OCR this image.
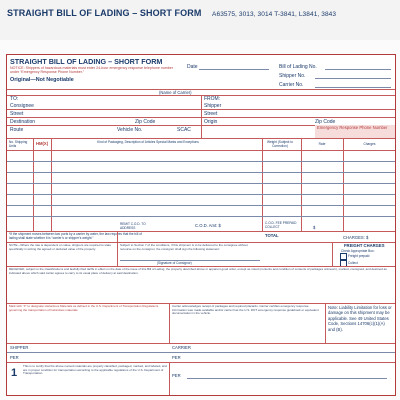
STRAIGHT BILL OF LADING – SHORT FORM A63575, 3013, 3014 T-3841, L3841, 3843
STRAIGHT BILL OF LADING – SHORT FORM
NOTICE: Shippers of hazardous materials must enter 24-hour emergency response telephone number under “Emergency Response Phone Number.”
Original—Not Negotiable
Date	Bill of Lading No.
Shipper No.
Carrier No.
(Name of Carrier)
TO:	FROM:
Consignee	Shipper
Street	Street
Destination	Zip Code	Origin	Zip Code
Route	Vehicle No.	SCAC	Emergency Response Phone Number
No. Shipping Units	HM(X)	Kind of Packaging, Description of Articles Special Marks and Exceptions	Weight (Subject to Correction)	Rate	Charges
*If the shipment moves between two ports by a carrier by water, the law requires that the bill of lading shall state whether it is “carrier’s or shipper’s weight.”	TOTAL	CHARGES: $
REMIT C.O.D. TO ADDRESS	C.O.D. Amt: $	C.O.D. FEE PREPAID COLLECT	$
NOTE—Where the rate is dependent on value, shippers are required to state specifically in writing the agreed or declared value of the property.
Subject to Section 7 of the conditions, if this shipment is to be delivered to the consignee without recourse on the consignor, the consignor shall sign the following statement:
(Signature of Consignor)
FREIGHT CHARGES
Check Appropriate Box:
Freight prepaid
Collect
RECEIVED, subject to the classifications and lawfully filed tariffs in effect on the date of the issue of this Bill of Lading, the property described above in apparent good order, except as noted (contents and condition of contents of packages unknown), marked, consigned, and destined as indicated above which said carrier agrees to carry to its usual place of delivery at said destination.
Mark with “X” to designate Hazardous Materials as defined in the U.S. Department of Transportation Regulations governing the transportation of hazardous materials.
Carrier acknowledges receipt of packages and required placards. Carrier certifies emergency response information was made available and/or carrier has the U.S. DOT emergency response guidebook or equivalent documentation in the vehicle.
Note: Liability Limitation for loss or damage on this shipment may be applicable. See 49 United States Code, Sections 14706(c)(1)(A) and (B).
SHIPPER	CARRIER
PER	PER
1
This is to certify that the above named materials are properly classified, packaged, marked, and labeled, and are in proper condition for transportation according to the applicable regulations of the U.S. Department of Transportation.	PER
